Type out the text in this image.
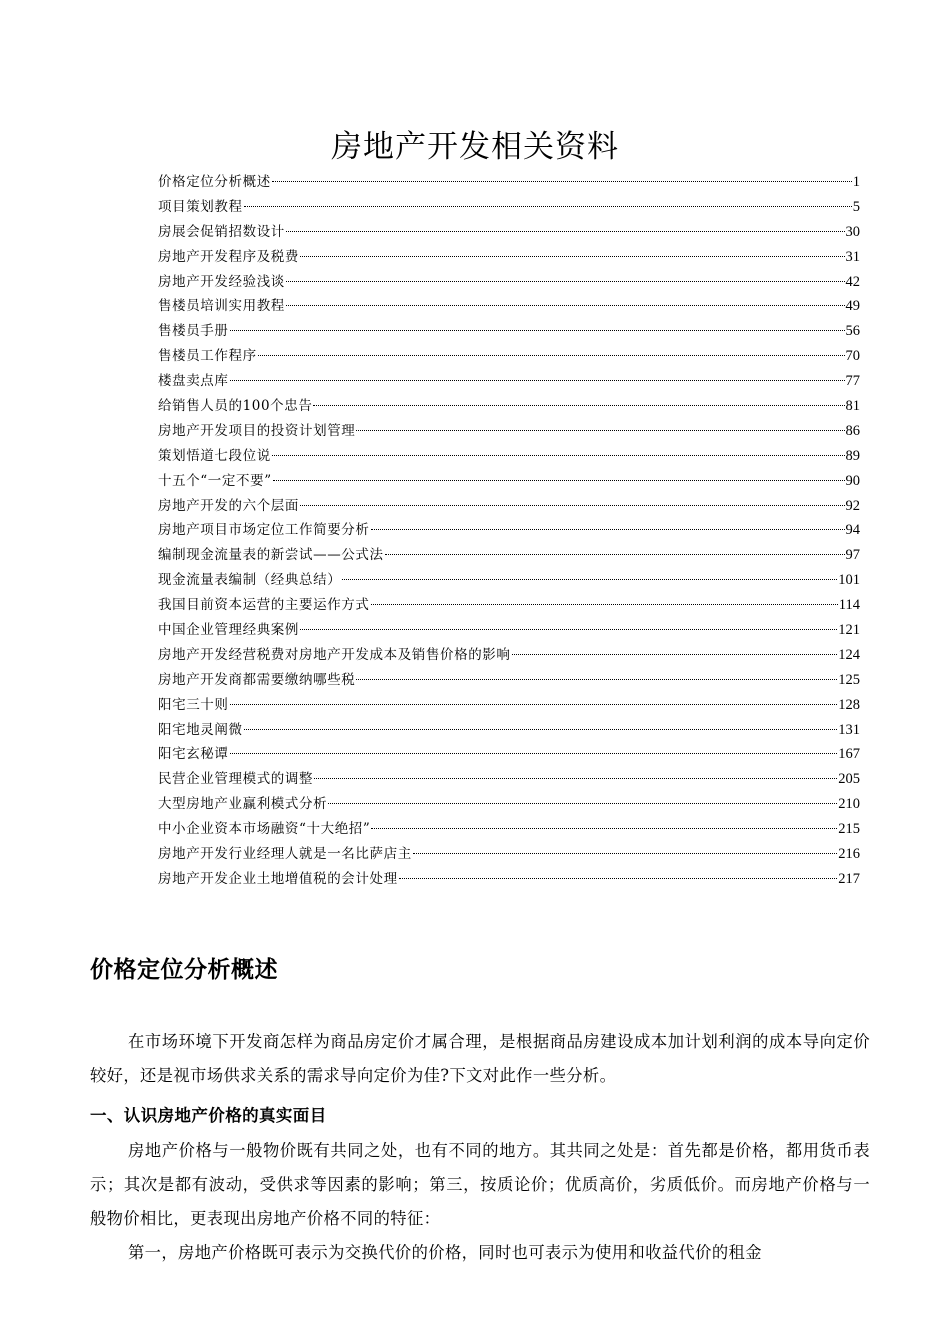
房地产开发相关资料
价格定位分析概述	1
项目策划教程	5
房展会促销招数设计	30
房地产开发程序及税费	31
房地产开发经验浅谈	42
售楼员培训实用教程	49
售楼员手册	56
售楼员工作程序	70
楼盘卖点库	77
给销售人员的100个忠告	81
房地产开发项目的投资计划管理	86
策划悟道七段位说	89
十五个“一定不要”	90
房地产开发的六个层面	92
房地产项目市场定位工作简要分析	94
编制现金流量表的新尝试——公式法	97
现金流量表编制（经典总结）	101
我国目前资本运营的主要运作方式	114
中国企业管理经典案例	121
房地产开发经营税费对房地产开发成本及销售价格的影响	124
房地产开发商都需要缴纳哪些税	125
阳宅三十则	128
阳宅地灵阐微	131
阳宅玄秘谭	167
民营企业管理模式的调整	205
大型房地产业赢利模式分析	210
中小企业资本市场融资“十大绝招”	215
房地产开发行业经理人就是一名比萨店主	216
房地产开发企业土地增值税的会计处理	217
价格定位分析概述

在市场环境下开发商怎样为商品房定价才属合理，是根据商品房建设成本加计划利润的成本导向定价较好，还是视市场供求关系的需求导向定价为佳?下文对此作一些分析。

一、认识房地产价格的真实面目

房地产价格与一般物价既有共同之处，也有不同的地方。其共同之处是：首先都是价格，都用货币表示；其次是都有波动，受供求等因素的影响；第三，按质论价；优质高价，劣质低价。而房地产价格与一般物价相比，更表现出房地产价格不同的特征：

第一，房地产价格既可表示为交换代价的价格，同时也可表示为使用和收益代价的租金
